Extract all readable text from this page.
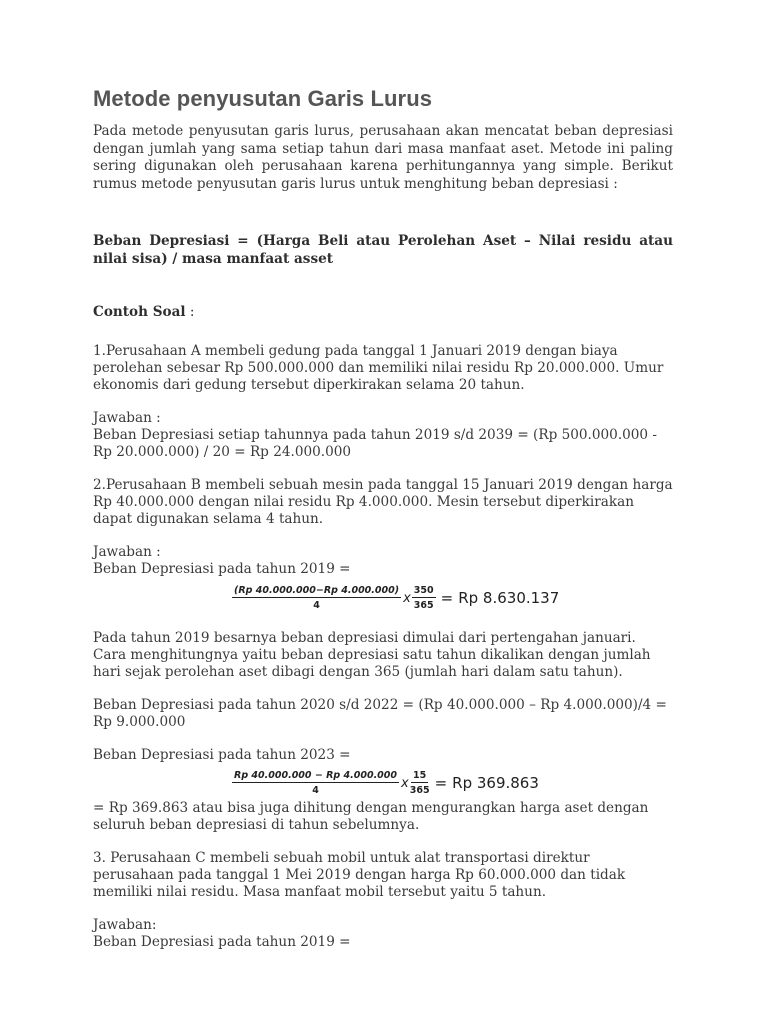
Metode penyusutan Garis Lurus

Pada metode penyusutan garis lurus, perusahaan akan mencatat beban depresiasi dengan jumlah yang sama setiap tahun dari masa manfaat aset. Metode ini paling sering digunakan oleh perusahaan karena perhitungannya yang simple. Berikut rumus metode penyusutan garis lurus untuk menghitung beban depresiasi :

Beban Depresiasi = (Harga Beli atau Perolehan Aset – Nilai residu atau nilai sisa) / masa manfaat asset

Contoh Soal :

1.Perusahaan A membeli gedung pada tanggal 1 Januari 2019 dengan biaya perolehan sebesar Rp 500.000.000 dan memiliki nilai residu Rp 20.000.000. Umur ekonomis dari gedung tersebut diperkirakan selama 20 tahun.

Jawaban :

Beban Depresiasi setiap tahunnya pada tahun 2019 s/d 2039 = (Rp 500.000.000 - Rp 20.000.000) / 20 = Rp 24.000.000

2.Perusahaan B membeli sebuah mesin pada tanggal 15 Januari 2019 dengan harga Rp 40.000.000 dengan nilai residu Rp 4.000.000. Mesin tersebut diperkirakan dapat digunakan selama 4 tahun.

Jawaban :

Beban Depresiasi pada tahun 2019 =

$\frac{(Rp 40.000.000-Rp 4.000.000)}{4}$ x $\frac{350}{365} = Rp$ 8.630.137

Pada tahun 2019 besarnya beban depresiasi dimulai dari pertengahan januari. Cara menghitungnya yaitu beban depresiasi satu tahun dikalikan dengan jumlah hari sejak perolehan aset dibagi dengan 365 (jumlah hari dalam satu tahun).

Beban Depresiasi pada tahun 2020 s/d 2022 = (Rp 40.000.000 – Rp 4.000.000)/4 = Rp 9.000.000

Beban Depresiasi pada tahun 2023 =

$\frac{Rp 40.000.000 - Rp 4.000.000}{4}$ x $\frac{15}{365} = Rp$ 369.863

= Rp 369.863 atau bisa juga dihitung dengan mengurangkan harga aset dengan seluruh beban depresiasi di tahun sebelumnya.

3. Perusahaan C membeli sebuah mobil untuk alat transportasi direktur perusahaan pada tanggal 1 Mei 2019 dengan harga Rp 60.000.000 dan tidak memiliki nilai residu. Masa manfaat mobil tersebut yaitu 5 tahun.

Jawaban:

Beban Depresiasi pada tahun 2019 =
